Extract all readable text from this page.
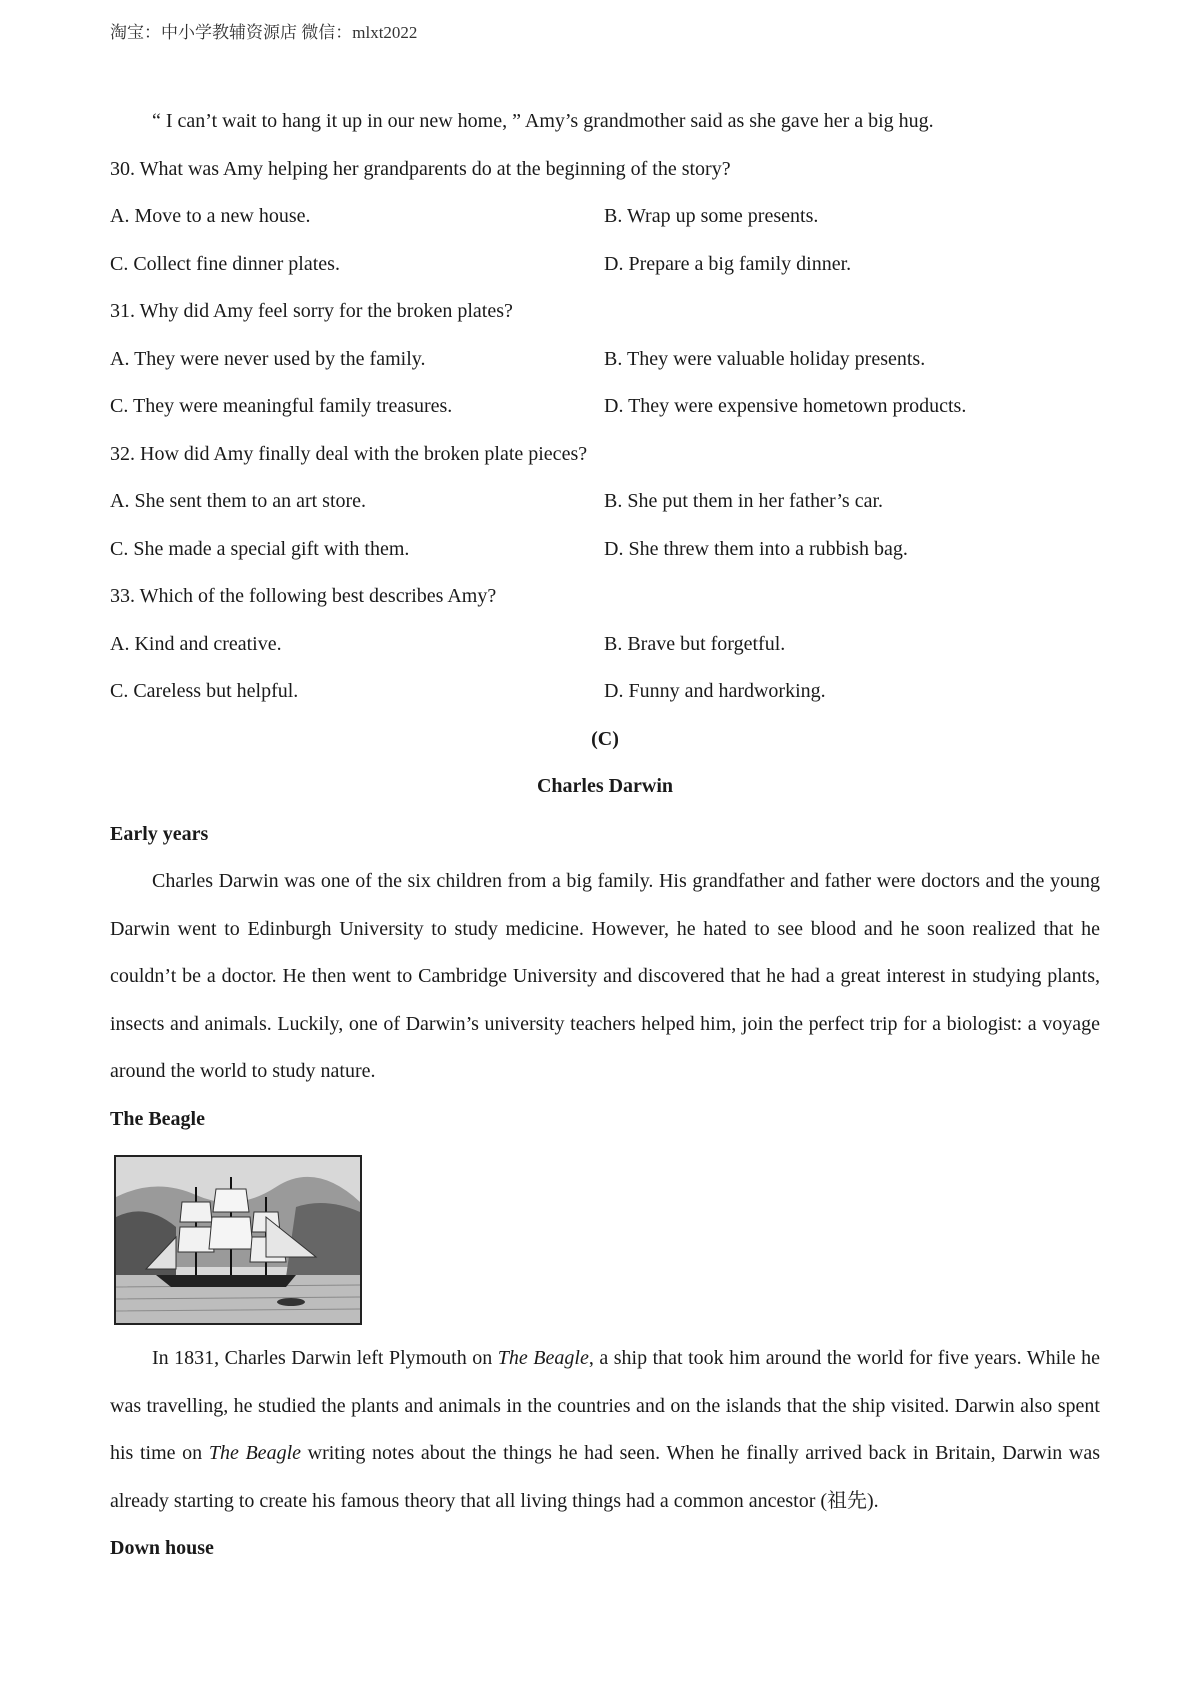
淘宝：中小学教辅资源店 微信：mlxt2022
“ I can’t wait to hang it up in our new home, ” Amy’s grandmother said as she gave her a big hug.
30. What was Amy helping her grandparents do at the beginning of the story?
A. Move to a new house.	B. Wrap up some presents.
C. Collect fine dinner plates.	D. Prepare a big family dinner.
31. Why did Amy feel sorry for the broken plates?
A. They were never used by the family.	B. They were valuable holiday presents.
C. They were meaningful family treasures.	D. They were expensive hometown products.
32. How did Amy finally deal with the broken plate pieces?
A. She sent them to an art store.	B. She put them in her father’s car.
C. She made a special gift with them.	D. She threw them into a rubbish bag.
33. Which of the following best describes Amy?
A. Kind and creative.	B. Brave but forgetful.
C. Careless but helpful.	D. Funny and hardworking.
(C)
Charles Darwin
Early years

Charles Darwin was one of the six children from a big family. His grandfather and father were doctors and the young Darwin went to Edinburgh University to study medicine. However, he hated to see blood and he soon realized that he couldn’t be a doctor. He then went to Cambridge University and discovered that he had a great interest in studying plants, insects and animals. Luckily, one of Darwin’s university teachers helped him, join the perfect trip for a biologist: a voyage around the world to study nature.

The Beagle

In 1831, Charles Darwin left Plymouth on The Beagle, a ship that took him around the world for five years. While he was travelling, he studied the plants and animals in the countries and on the islands that the ship visited. Darwin also spent his time on The Beagle writing notes about the things he had seen. When he finally arrived back in Britain, Darwin was already starting to create his famous theory that all living things had a common ancestor (祖先).

Down house
